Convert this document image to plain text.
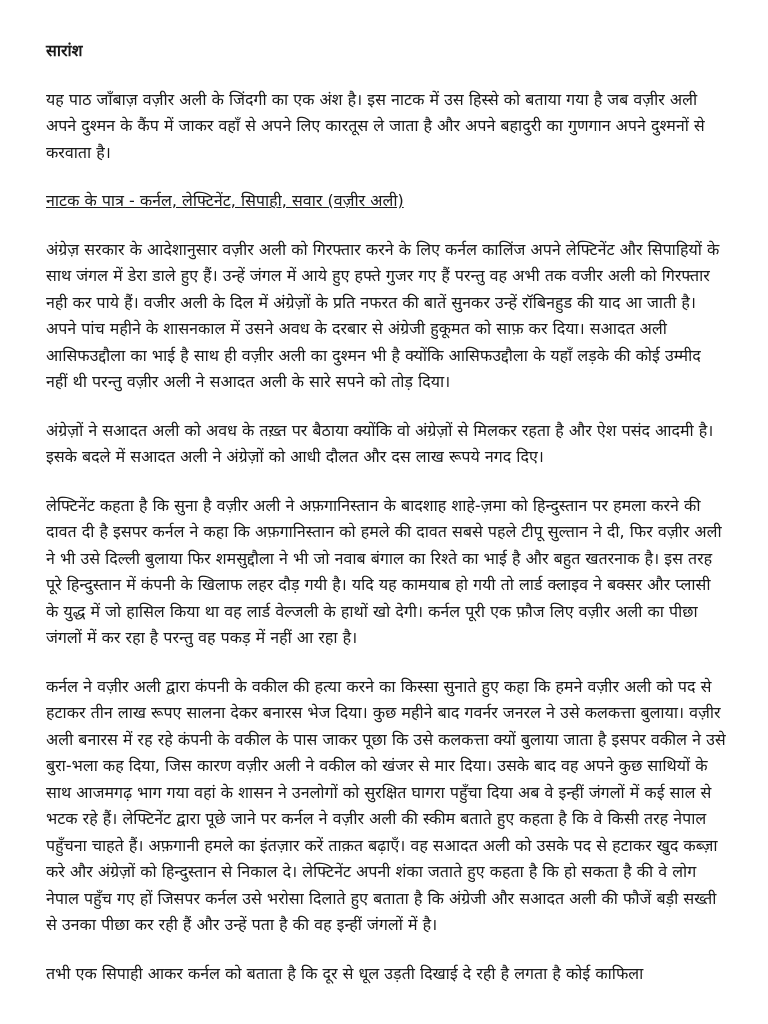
सारांश

यह पाठ जाँबाज़ वज़ीर अली के जिंदगी का एक अंश है। इस नाटक में उस हिस्से को बताया गया है जब वज़ीर अली अपने दुश्मन के कैंप में जाकर वहाँ से अपने लिए कारतूस ले जाता है और अपने बहादुरी का गुणगान अपने दुश्मनों से करवाता है।

नाटक के पात्र - कर्नल, लेफ्टिनेंट, सिपाही, सवार (वज़ीर अली)

अंग्रेज़ सरकार के आदेशानुसार वज़ीर अली को गिरफ्तार करने के लिए कर्नल कालिंज अपने लेफ्टिनेंट और सिपाहियों के साथ जंगल में डेरा डाले हुए हैं। उन्हें जंगल में आये हुए हफ्ते गुजर गए हैं परन्तु वह अभी तक वजीर अली को गिरफ्तार नही कर पाये हैं। वजीर अली के दिल में अंग्रेज़ों के प्रति नफरत की बातें सुनकर उन्हें रॉबिनहुड की याद आ जाती है। अपने पांच महीने के शासनकाल में उसने अवध के दरबार से अंग्रेजी हुकूमत को साफ़ कर दिया। सआदत अली आसिफउद्दौला का भाई है साथ ही वज़ीर अली का दुश्मन भी है क्योंकि आसिफउद्दौला के यहाँ लड़के की कोई उम्मीद नहीं थी परन्तु वज़ीर अली ने सआदत अली के सारे सपने को तोड़ दिया।

अंग्रेज़ों ने सआदत अली को अवध के तख़्त पर बैठाया क्योंकि वो अंग्रेज़ों से मिलकर रहता है और ऐश पसंद आदमी है। इसके बदले में सआदत अली ने अंग्रेज़ों को आधी दौलत और दस लाख रूपये नगद दिए।

लेफ्टिनेंट कहता है कि सुना है वज़ीर अली ने अफ़गानिस्तान के बादशाह शाहे-ज़मा को हिन्दुस्तान पर हमला करने की दावत दी है इसपर कर्नल ने कहा कि अफ़गानिस्तान को हमले की दावत सबसे पहले टीपू सुल्तान ने दी, फिर वज़ीर अली ने भी उसे दिल्ली बुलाया फिर शमसुद्दौला ने भी जो नवाब बंगाल का रिश्ते का भाई है और बहुत खतरनाक है। इस तरह पूरे हिन्दुस्तान में कंपनी के खिलाफ लहर दौड़ गयी है। यदि यह कामयाब हो गयी तो लार्ड क्लाइव ने बक्सर और प्लासी के युद्ध में जो हासिल किया था वह लार्ड वेल्जली के हाथों खो देगी। कर्नल पूरी एक फ़ौज लिए वज़ीर अली का पीछा जंगलों में कर रहा है परन्तु वह पकड़ में नहीं आ रहा है।

कर्नल ने वज़ीर अली द्वारा कंपनी के वकील की हत्या करने का किस्सा सुनाते हुए कहा कि हमने वज़ीर अली को पद से हटाकर तीन लाख रूपए सालना देकर बनारस भेज दिया। कुछ महीने बाद गवर्नर जनरल ने उसे कलकत्ता बुलाया। वज़ीर अली बनारस में रह रहे कंपनी के वकील के पास जाकर पूछा कि उसे कलकत्ता क्यों बुलाया जाता है इसपर वकील ने उसे बुरा-भला कह दिया, जिस कारण वज़ीर अली ने वकील को खंजर से मार दिया। उसके बाद वह अपने कुछ साथियों के साथ आजमगढ़ भाग गया वहां के शासन ने उनलोगों को सुरक्षित घागरा पहुँचा दिया अब वे इन्हीं जंगलों में कई साल से भटक रहे हैं। लेफ्टिनेंट द्वारा पूछे जाने पर कर्नल ने वज़ीर अली की स्कीम बताते हुए कहता है कि वे किसी तरह नेपाल पहुँचना चाहते हैं। अफ़गानी हमले का इंतज़ार करें ताक़त बढ़ाएँ। वह सआदत अली को उसके पद से हटाकर खुद कब्ज़ा करे और अंग्रेज़ों को हिन्दुस्तान से निकाल दे। लेफ्टिनेंट अपनी शंका जताते हुए कहता है कि हो सकता है की वे लोग नेपाल पहुँच गए हों जिसपर कर्नल उसे भरोसा दिलाते हुए बताता है कि अंग्रेजी और सआदत अली की फौजें बड़ी सख्ती से उनका पीछा कर रही हैं और उन्हें पता है की वह इन्हीं जंगलों में है।

तभी एक सिपाही आकर कर्नल को बताता है कि दूर से धूल उड़ती दिखाई दे रही है लगता है कोई काफिला
